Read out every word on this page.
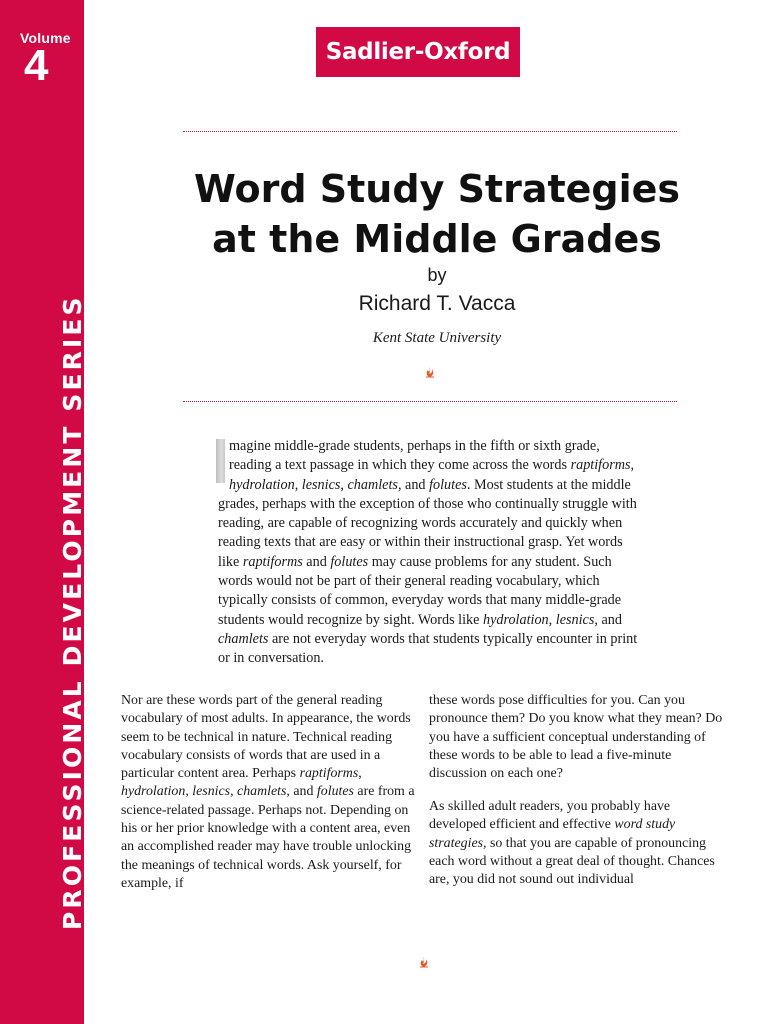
Volume
4
PROFESSIONAL DEVELOPMENT SERIES
Sadlier-Oxford
Word Study Strategies
at the Middle Grades
by
Richard T. Vacca
Kent State University

magine middle-grade students, perhaps in the fifth or sixth grade, reading a text passage in which they come across the words raptiforms, hydrolation, lesnics, chamlets, and folutes. Most students at the middle grades, perhaps with the exception of those who continually struggle with reading, are capable of recognizing words accurately and quickly when reading texts that are easy or within their instructional grasp. Yet words like raptiforms and folutes may cause problems for any student. Such words would not be part of their general reading vocabulary, which typically consists of common, everyday words that many middle-grade students would recognize by sight. Words like hydrolation, lesnics, and chamlets are not everyday words that students typically encounter in print or in conversation.

Nor are these words part of the general reading vocabulary of most adults. In appearance, the words seem to be technical in nature. Technical reading vocabulary consists of words that are used in a particular content area. Perhaps raptiforms, hydrolation, lesnics, chamlets, and folutes are from a science-related passage. Perhaps not. Depending on his or her prior knowledge with a content area, even an accomplished reader may have trouble unlocking the meanings of technical words. Ask yourself, for example, if

these words pose difficulties for you. Can you pronounce them? Do you know what they mean? Do you have a sufficient conceptual understanding of these words to be able to lead a five-minute discussion on each one?

As skilled adult readers, you probably have developed efficient and effective word study strategies, so that you are capable of pronouncing each word without a great deal of thought. Chances are, you did not sound out individual
